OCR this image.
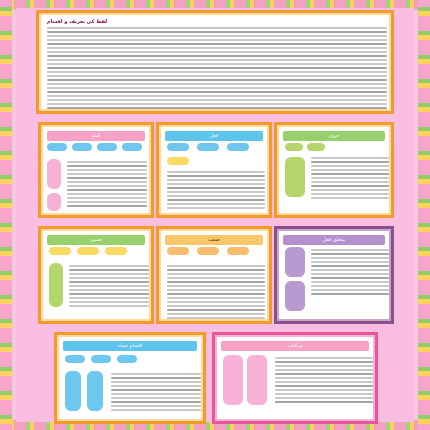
لفظ کی تعریف و اقسام
اسم	فعل	حرف
ضمیر	صفت	متعلق فعل
اقسامِ جملہ	مرکبات
